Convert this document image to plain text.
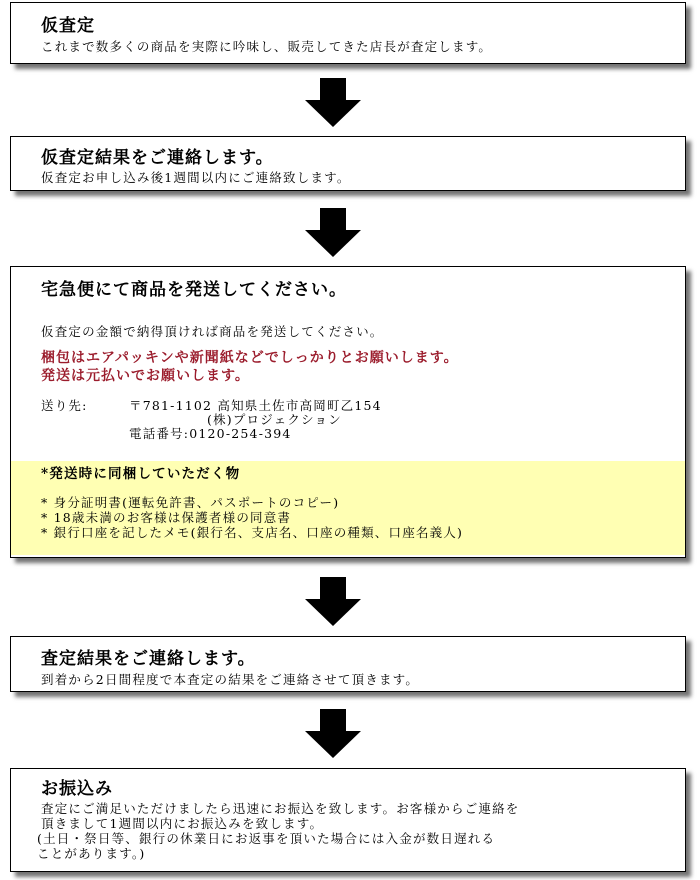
仮査定
これまで数多くの商品を実際に吟味し、販売してきた店長が査定します。
仮査定結果をご連絡します。
仮査定お申し込み後1週間以内にご連絡致します。
宅急便にて商品を発送してください。
仮査定の金額で納得頂ければ商品を発送してください。
梱包はエアパッキンや新聞紙などでしっかりとお願いします。
発送は元払いでお願いします。
送り先:	〒781-1102 高知県土佐市高岡町乙154
(株)プロジェクション
電話番号:0120-254-394
*発送時に同梱していただく物
* 身分証明書(運転免許書、パスポートのコピー)
* 18歳未満のお客様は保護者様の同意書
* 銀行口座を記したメモ(銀行名、支店名、口座の種類、口座名義人)
査定結果をご連絡します。
到着から2日間程度で本査定の結果をご連絡させて頂きます。
お振込み
査定にご満足いただけましたら迅速にお振込を致します。お客様からご連絡を
頂きまして1週間以内にお振込みを致します。
(土日・祭日等、銀行の休業日にお返事を頂いた場合には入金が数日遅れる
ことがあります。)
